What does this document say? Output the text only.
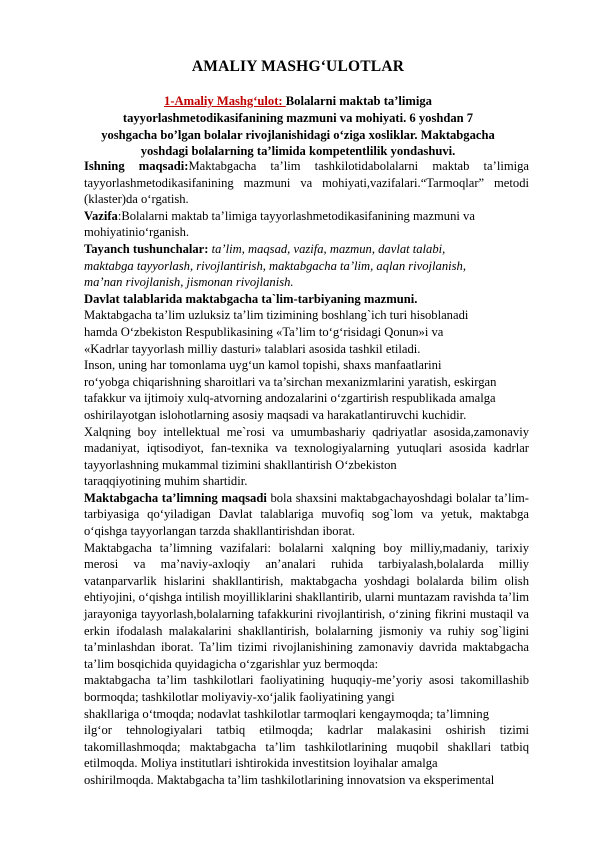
AMALIY MASHG‘ULOTLAR
1-Amaliy Mashg‘ulot: Bolalarni maktab ta’limiga
tayyorlashmetodikasifanining mazmuni va mohiyati. 6 yoshdan 7
yoshgacha bo’lgan bolalar rivojlanishidagi o‘ziga xosliklar. Maktabgacha
yoshdagi bolalarning ta’limida kompetentlilik yondashuvi.

Ishning maqsadi:Maktabgacha ta’lim tashkilotidabolalarni maktab ta’limiga tayyorlashmetodikasifanining mazmuni va mohiyati,vazifalari.“Tarmoqlar” metodi (klaster)da o‘rgatish.

Vazifa:Bolalarni maktab ta’limiga tayyorlashmetodikasifanining mazmuni va

mohiyatinio‘rganish.

Tayanch tushunchalar: ta’lim, maqsad, vazifa, mazmun, davlat talabi,

maktabga tayyorlash, rivojlantirish, maktabgacha ta’lim, aqlan rivojlanish,

ma’nan rivojlanish, jismonan rivojlanish.

Davlat talablarida maktabgacha ta`lim-tarbiyaning mazmuni.

Maktabgacha ta’lim uzluksiz ta’lim tizimining boshlang`ich turi hisoblanadi

hamda O‘zbekiston Respublikasining «Ta’lim to‘g‘risidagi Qonun»i va

«Kadrlar tayyorlash milliy dasturi» talablari asosida tashkil etiladi.

Inson, uning har tomonlama uyg‘un kamol topishi, shaxs manfaatlarini

ro‘yobga chiqarishning sharoitlari va ta’sirchan mexanizmlarini yaratish, eskirgan

tafakkur va ijtimoiy xulq-atvorning andozalarini o‘zgartirish respublikada amalga

oshirilayotgan islohotlarning asosiy maqsadi va harakatlantiruvchi kuchidir.

Xalqning boy intellektual me`rosi va umumbashariy qadriyatlar asosida,zamonaviy madaniyat, iqtisodiyot, fan-texnika va texnologiyalarning yutuqlari asosida kadrlar tayyorlashning mukammal tizimini shakllantirish O‘zbekiston

taraqqiyotining muhim shartidir.

Maktabgacha ta’limning maqsadi bola shaxsini maktabgachayoshdagi bolalar ta’lim-tarbiyasiga qo‘yiladigan Davlat talablariga muvofiq sog`lom va yetuk, maktabga o‘qishga tayyorlangan tarzda shakllantirishdan iborat.

Maktabgacha ta’limning vazifalari: bolalarni xalqning boy milliy,madaniy, tarixiy merosi va ma’naviy-axloqiy an’analari ruhida tarbiyalash,bolalarda milliy vatanparvarlik hislarini shakllantirish, maktabgacha yoshdagi bolalarda bilim olish ehtiyojini, o‘qishga intilish moyilliklarini shakllantirib, ularni muntazam ravishda ta’lim jarayoniga tayyorlash,bolalarning tafakkurini rivojlantirish, o‘zining fikrini mustaqil va erkin ifodalash malakalarini shakllantirish, bolalarning jismoniy va ruhiy sog`ligini ta’minlashdan iborat. Ta’lim tizimi rivojlanishining zamonaviy davrida maktabgacha ta’lim bosqichida quyidagicha o‘zgarishlar yuz bermoqda:

maktabgacha ta’lim tashkilotlari faoliyatining huquqiy-me’yoriy asosi takomillashib bormoqda; tashkilotlar moliyaviy-xo‘jalik faoliyatining yangi

shakllariga o‘tmoqda; nodavlat tashkilotlar tarmoqlari kengaymoqda; ta’limning

ilg‘or tehnologiyalari tatbiq etilmoqda; kadrlar malakasini oshirish tizimi takomillashmoqda; maktabgacha ta’lim tashkilotlarining muqobil shakllari tatbiq etilmoqda. Moliya institutlari ishtirokida investitsion loyihalar amalga

oshirilmoqda. Maktabgacha ta’lim tashkilotlarining innovatsion va eksperimental
